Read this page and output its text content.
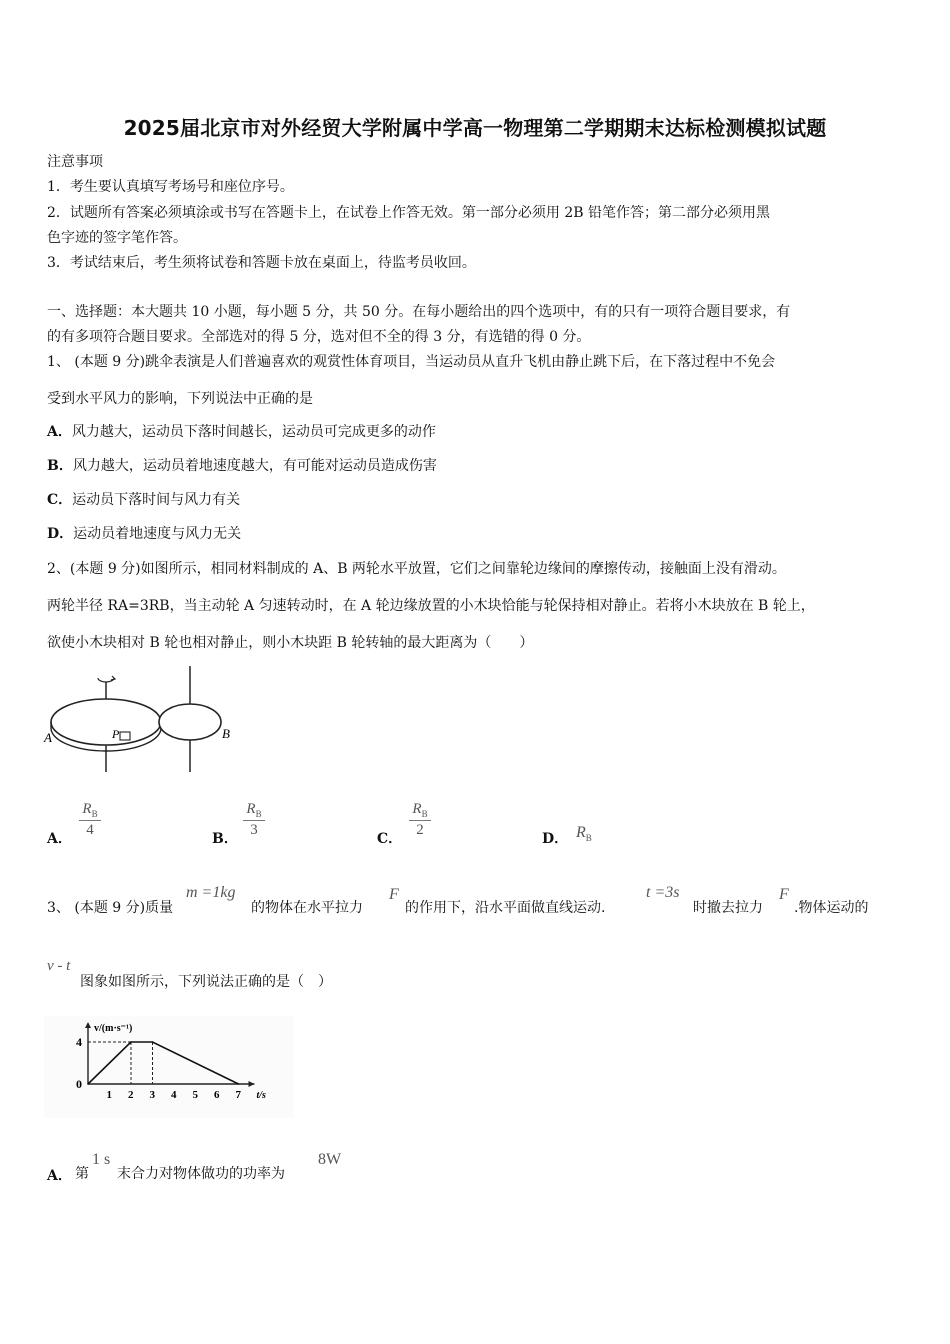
2025届北京市对外经贸大学附属中学高一物理第二学期期末达标检测模拟试题
注意事项
1．考生要认真填写考场号和座位序号。
2．试题所有答案必须填涂或书写在答题卡上，在试卷上作答无效。第一部分必须用 2B 铅笔作答；第二部分必须用黑
色字迹的签字笔作答。
3．考试结束后，考生须将试卷和答题卡放在桌面上，待监考员收回。
一、选择题：本大题共 10 小题，每小题 5 分，共 50 分。在每小题给出的四个选项中，有的只有一项符合题目要求，有
的有多项符合题目要求。全部选对的得 5 分，选对但不全的得 3 分，有选错的得 0 分。
1、 (本题 9 分)跳伞表演是人们普遍喜欢的观赏性体育项目，当运动员从直升飞机由静止跳下后，在下落过程中不免会
受到水平风力的影响，下列说法中正确的是
A．风力越大，运动员下落时间越长，运动员可完成更多的动作
B．风力越大，运动员着地速度越大，有可能对运动员造成伤害
C．运动员下落时间与风力有关
D．运动员着地速度与风力无关
2、(本题 9 分)如图所示，相同材料制成的 A、B 两轮水平放置，它们之间靠轮边缘间的摩擦传动，接触面上没有滑动。
两轮半径 RA=3RB，当主动轮 A 匀速转动时，在 A 轮边缘放置的小木块恰能与轮保持相对静止。若将小木块放在 B 轮上，
欲使小木块相对 B 轮也相对静止，则小木块距 B 轮转轴的最大距离为（　　）
P
A	B
A．
$R_B$
4
B．
$R_B$
3
C．
$R_B$
2
D． $R_B$
3、 (本题 9 分)质量
m =1kg
的物体在水平拉力
F
的作用下，沿水平面做直线运动.
t =3s
时撤去拉力
F
.物体运动的
v - t
图象如图所示，下列说法正确的是（　）
v/(m·s⁻¹)
t/s
4
0
1 2 3 4 5 6 7
A． 第
1 s
末合力对物体做功的功率为
8W
